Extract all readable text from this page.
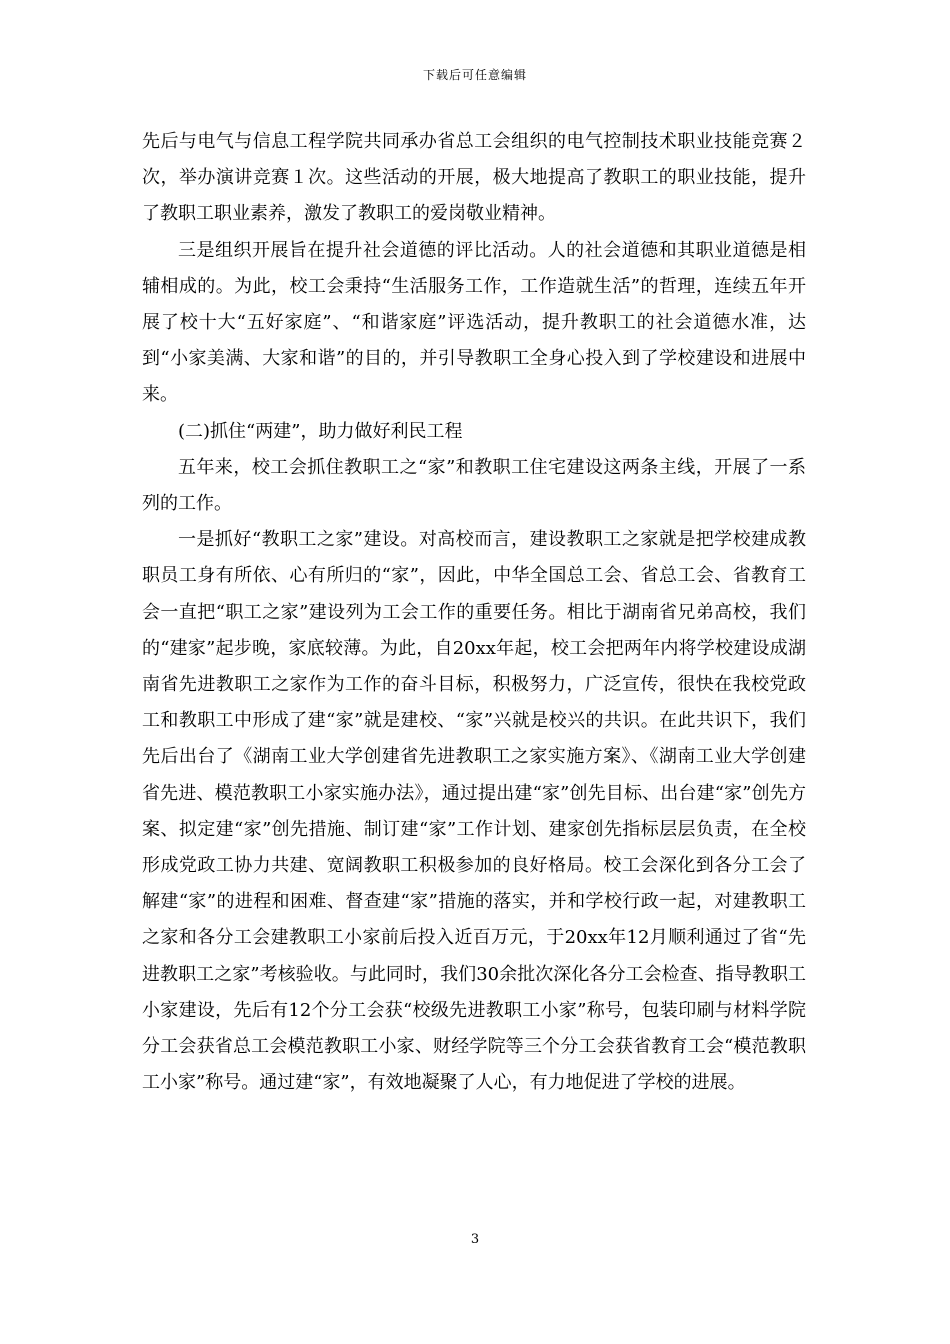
下载后可任意编辑

先后与电气与信息工程学院共同承办省总工会组织的电气控制技术职业技能竞赛２次，举办演讲竞赛１次。这些活动的开展，极大地提高了教职工的职业技能，提升了教职工职业素养，激发了教职工的爱岗敬业精神。

三是组织开展旨在提升社会道德的评比活动。人的社会道德和其职业道德是相辅相成的。为此，校工会秉持“生活服务工作，工作造就生活”的哲理，连续五年开展了校十大“五好家庭”、“和谐家庭”评选活动，提升教职工的社会道德水准，达到“小家美满、大家和谐”的目的，并引导教职工全身心投入到了学校建设和进展中来。

(二)抓住“两建”，助力做好利民工程

五年来，校工会抓住教职工之“家”和教职工住宅建设这两条主线，开展了一系列的工作。

一是抓好“教职工之家”建设。对高校而言，建设教职工之家就是把学校建成教职员工身有所依、心有所归的“家”，因此，中华全国总工会、省总工会、省教育工会一直把“职工之家”建设列为工会工作的重要任务。相比于湖南省兄弟高校，我们的“建家”起步晚，家底较薄。为此，自20xx年起，校工会把两年内将学校建设成湖南省先进教职工之家作为工作的奋斗目标，积极努力，广泛宣传，很快在我校党政工和教职工中形成了建“家”就是建校、“家”兴就是校兴的共识。在此共识下，我们先后出台了《湖南工业大学创建省先进教职工之家实施方案》、《湖南工业大学创建省先进、模范教职工小家实施办法》，通过提出建“家”创先目标、出台建“家”创先方案、拟定建“家”创先措施、制订建“家”工作计划、建家创先指标层层负责，在全校形成党政工协力共建、宽阔教职工积极参加的良好格局。校工会深化到各分工会了解建“家”的进程和困难、督查建“家”措施的落实，并和学校行政一起，对建教职工之家和各分工会建教职工小家前后投入近百万元，于20xx年12月顺利通过了省“先进教职工之家”考核验收。与此同时，我们30余批次深化各分工会检查、指导教职工小家建设，先后有12个分工会获“校级先进教职工小家”称号，包装印刷与材料学院分工会获省总工会模范教职工小家、财经学院等三个分工会获省教育工会“模范教职工小家”称号。通过建“家”，有效地凝聚了人心，有力地促进了学校的进展。

3
